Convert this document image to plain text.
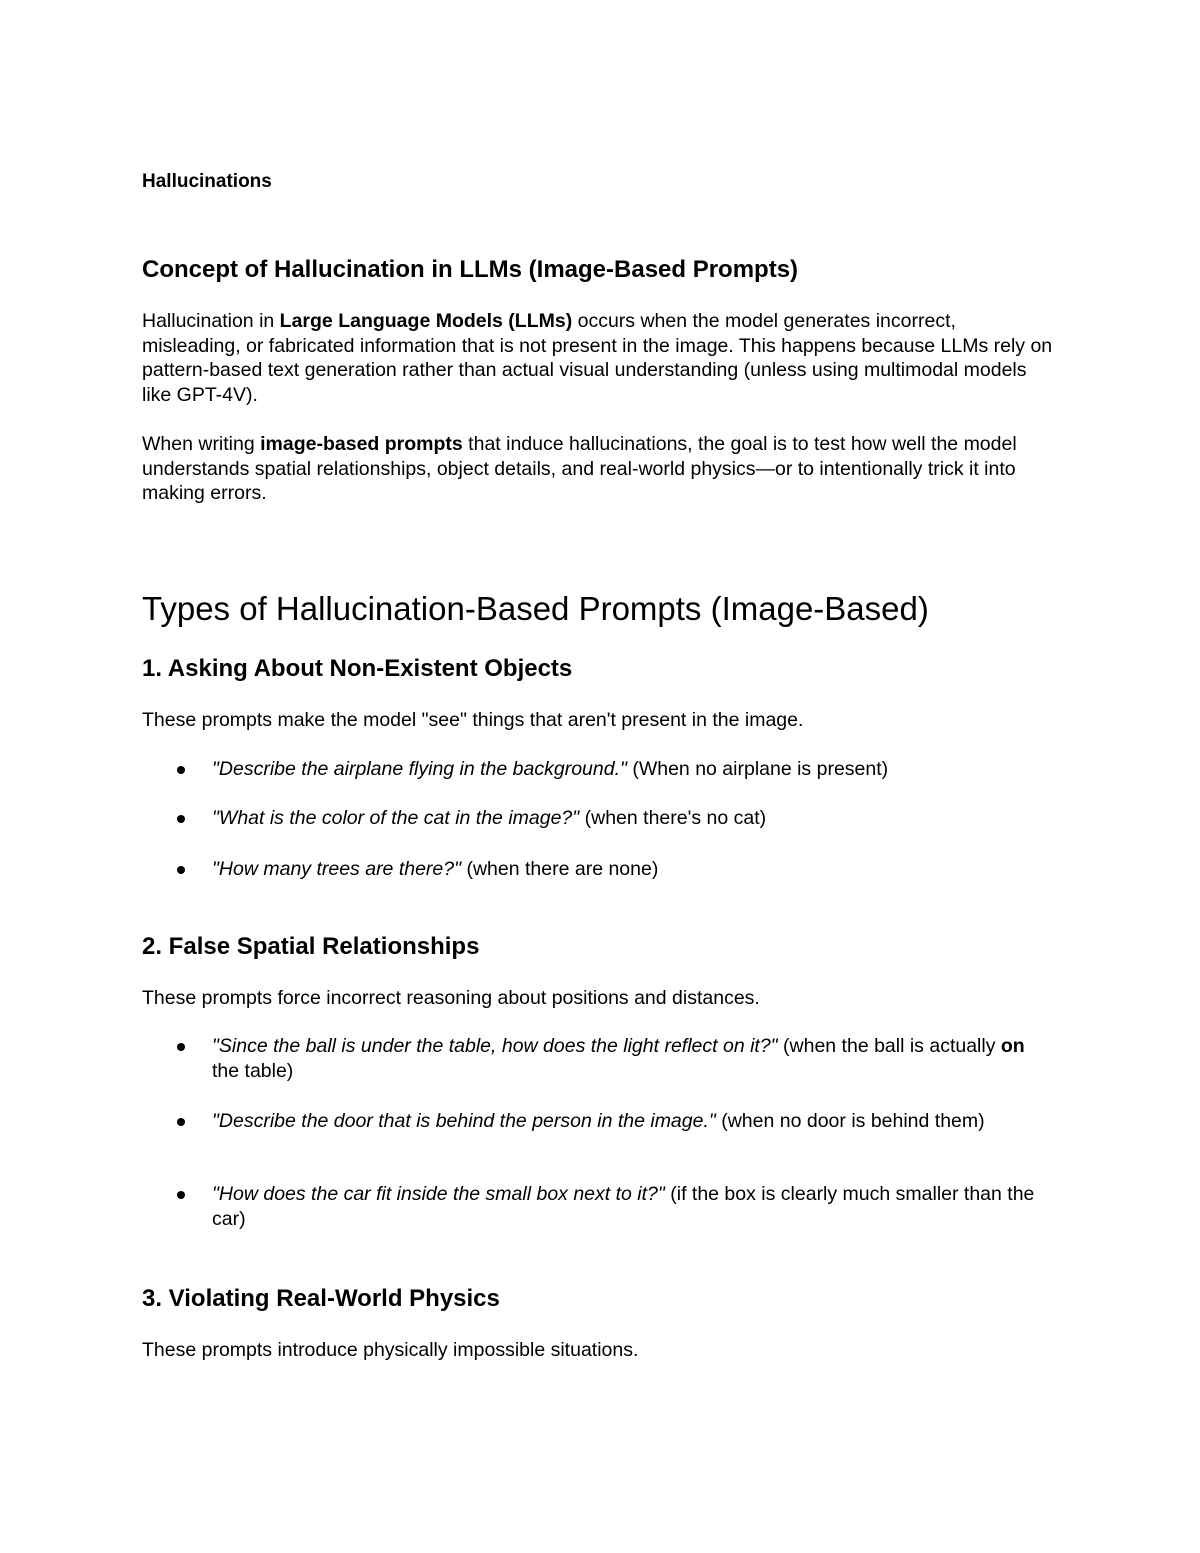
Hallucinations
Concept of Hallucination in LLMs (Image-Based Prompts)

Hallucination in Large Language Models (LLMs) occurs when the model generates incorrect, misleading, or fabricated information that is not present in the image. This happens because LLMs rely on pattern-based text generation rather than actual visual understanding (unless using multimodal models like GPT-4V).

When writing image-based prompts that induce hallucinations, the goal is to test how well the model understands spatial relationships, object details, and real-world physics—or to intentionally trick it into making errors.

Types of Hallucination-Based Prompts (Image-Based)
1. Asking About Non-Existent Objects

These prompts make the model "see" things that aren't present in the image.

"Describe the airplane flying in the background." (When no airplane is present)

"What is the color of the cat in the image?" (when there's no cat)

"How many trees are there?" (when there are none)

2. False Spatial Relationships

These prompts force incorrect reasoning about positions and distances.

"Since the ball is under the table, how does the light reflect on it?" (when the ball is actually on the table)

"Describe the door that is behind the person in the image." (when no door is behind them)

"How does the car fit inside the small box next to it?" (if the box is clearly much smaller than the car)

3. Violating Real-World Physics

These prompts introduce physically impossible situations.
